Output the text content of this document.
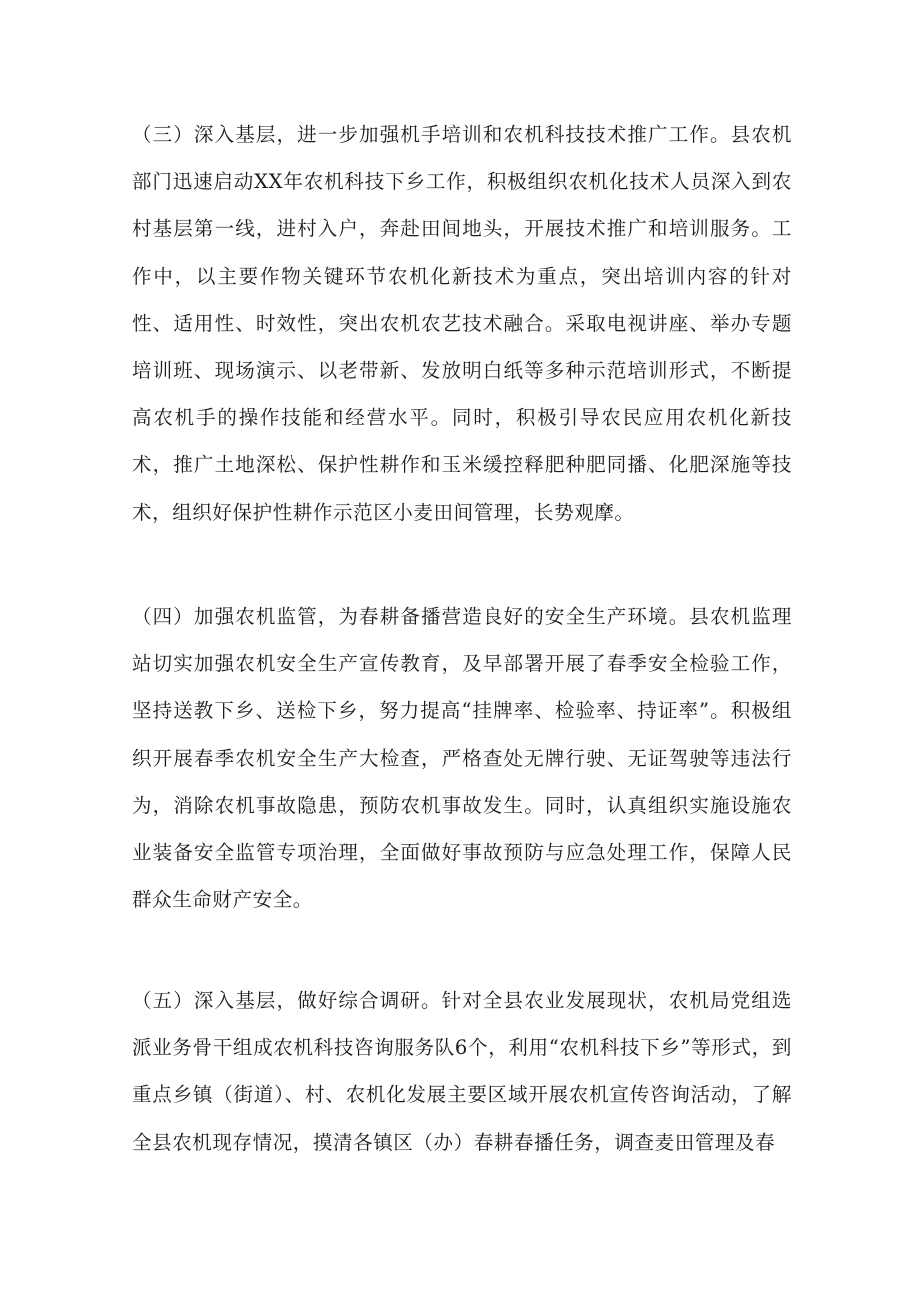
（三）深入基层，进一步加强机手培训和农机科技技术推广工作。县农机部门迅速启动XX年农机科技下乡工作，积极组织农机化技术人员深入到农村基层第一线，进村入户，奔赴田间地头，开展技术推广和培训服务。工作中，以主要作物关键环节农机化新技术为重点，突出培训内容的针对性、适用性、时效性，突出农机农艺技术融合。采取电视讲座、举办专题培训班、现场演示、以老带新、发放明白纸等多种示范培训形式，不断提高农机手的操作技能和经营水平。同时，积极引导农民应用农机化新技术，推广土地深松、保护性耕作和玉米缓控释肥种肥同播、化肥深施等技术，组织好保护性耕作示范区小麦田间管理，长势观摩。

（四）加强农机监管，为春耕备播营造良好的安全生产环境。县农机监理站切实加强农机安全生产宣传教育，及早部署开展了春季安全检验工作，坚持送教下乡、送检下乡，努力提高“挂牌率、检验率、持证率”。积极组织开展春季农机安全生产大检查，严格查处无牌行驶、无证驾驶等违法行为，消除农机事故隐患，预防农机事故发生。同时，认真组织实施设施农业装备安全监管专项治理，全面做好事故预防与应急处理工作，保障人民群众生命财产安全。

（五）深入基层，做好综合调研。针对全县农业发展现状，农机局党组选派业务骨干组成农机科技咨询服务队6个，利用“农机科技下乡”等形式，到重点乡镇（街道）、村、农机化发展主要区域开展农机宣传咨询活动，了解全县农机现存情况，摸清各镇区（办）春耕春播任务，调查麦田管理及春
